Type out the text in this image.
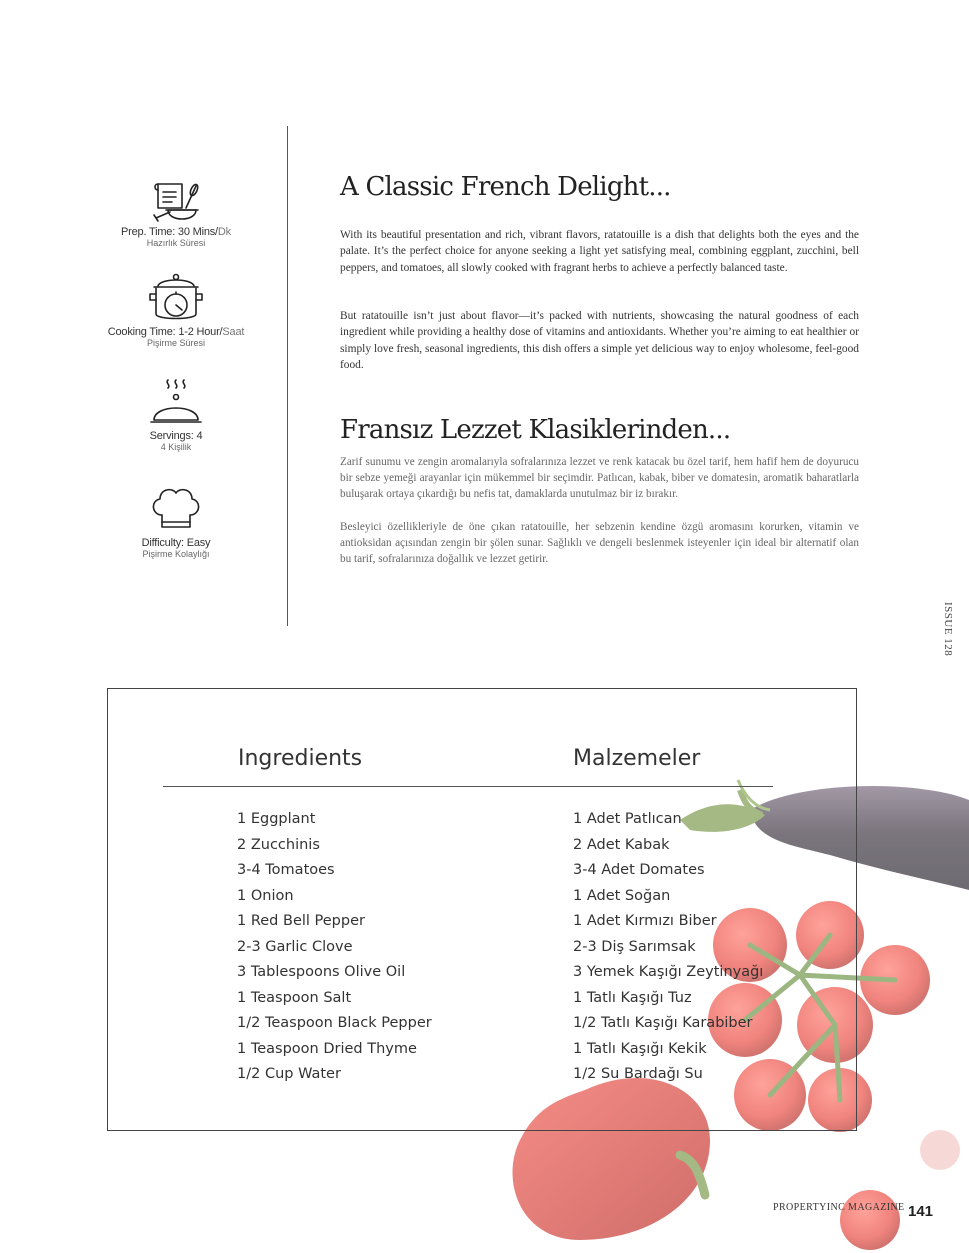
Prep. Time: 30 Mins/Dk
Hazırlık Süresi
Cooking Time: 1-2 Hour/Saat
Pişirme Süresi
Servings: 4
4 Kişilik
Difficulty: Easy
Pişirme Kolaylığı
A Classic French Delight...

With its beautiful presentation and rich, vibrant flavors, ratatouille is a dish that delights both the eyes and the palate. It’s the perfect choice for anyone seeking a light yet satisfying meal, combining eggplant, zucchini, bell peppers, and tomatoes, all slowly cooked with fragrant herbs to achieve a perfectly balanced taste.

But ratatouille isn’t just about flavor—it’s packed with nutrients, showcasing the natural goodness of each ingredient while providing a healthy dose of vitamins and antioxidants. Whether you’re aiming to eat healthier or simply love fresh, seasonal ingredients, this dish offers a simple yet delicious way to enjoy wholesome, feel-good food.

Fransız Lezzet Klasiklerinden...

Zarif sunumu ve zengin aromalarıyla sofralarınıza lezzet ve renk katacak bu özel tarif, hem hafif hem de doyurucu bir sebze yemeği arayanlar için mükemmel bir seçimdir. Patlıcan, kabak, biber ve domatesin, aromatik baharatlarla buluşarak ortaya çıkardığı bu nefis tat, damaklarda unutulmaz bir iz bırakır.

Besleyici özellikleriyle de öne çıkan ratatouille, her sebzenin kendine özgü aromasını korurken, vitamin ve antioksidan açısından zengin bir şölen sunar. Sağlıklı ve dengeli beslenmek isteyenler için ideal bir alternatif olan bu tarif, sofralarınıza doğallık ve lezzet getirir.

ISSUE 128
Ingredients	Malzemeler
1 Eggplant
2 Zucchinis
3-4 Tomatoes
1 Onion
1 Red Bell Pepper
2-3 Garlic Clove
3 Tablespoons Olive Oil
1 Teaspoon Salt
1/2 Teaspoon Black Pepper
1 Teaspoon Dried Thyme
1/2 Cup Water
1 Adet Patlıcan
2 Adet Kabak
3-4 Adet Domates
1 Adet Soğan
1 Adet Kırmızı Biber
2-3 Diş Sarımsak
3 Yemek Kaşığı Zeytinyağı
1 Tatlı Kaşığı Tuz
1/2 Tatlı Kaşığı Karabiber
1 Tatlı Kaşığı Kekik
1/2 Su Bardağı Su
PROPERTYINC MAGAZINE 141
